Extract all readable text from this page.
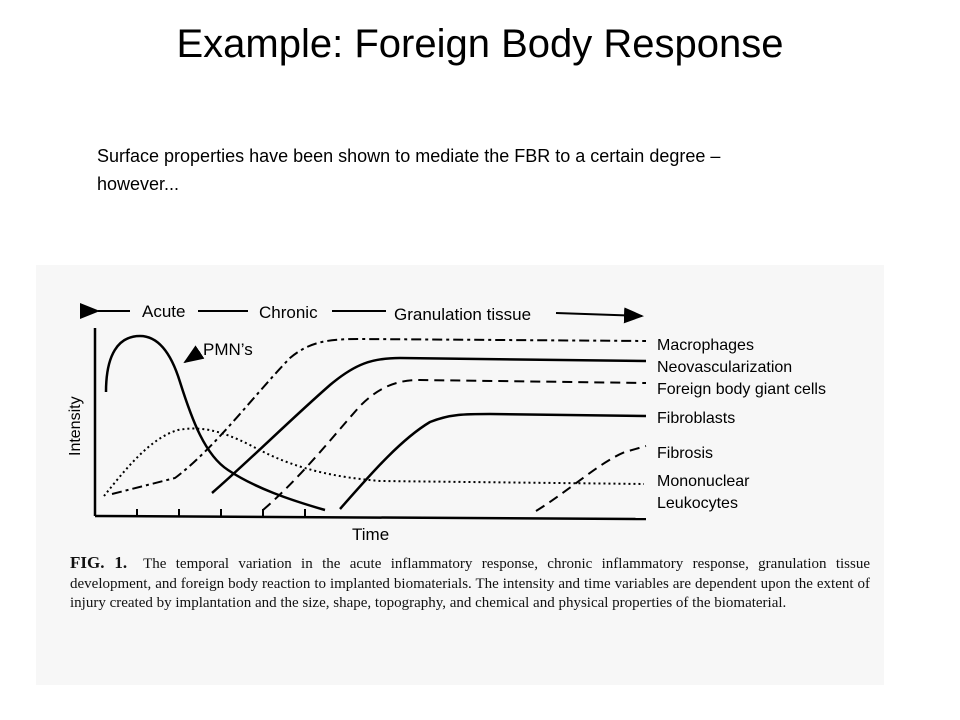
Example: Foreign Body Response

Surface properties have been shown to mediate the FBR to a certain degree – however...

Acute	Chronic	Granulation tissue
Intensity
Time
PMN’s	Macrophages
Neovascularization
Foreign body giant cells
Fibroblasts
Fibrosis
Mononuclear
Leukocytes

FIG. 1. The temporal variation in the acute inflammatory response, chronic inflammatory response, granulation tissue development, and foreign body reaction to implanted biomaterials. The intensity and time variables are dependent upon the extent of injury created by implantation and the size, shape, topography, and chemical and physical properties of the biomaterial.
